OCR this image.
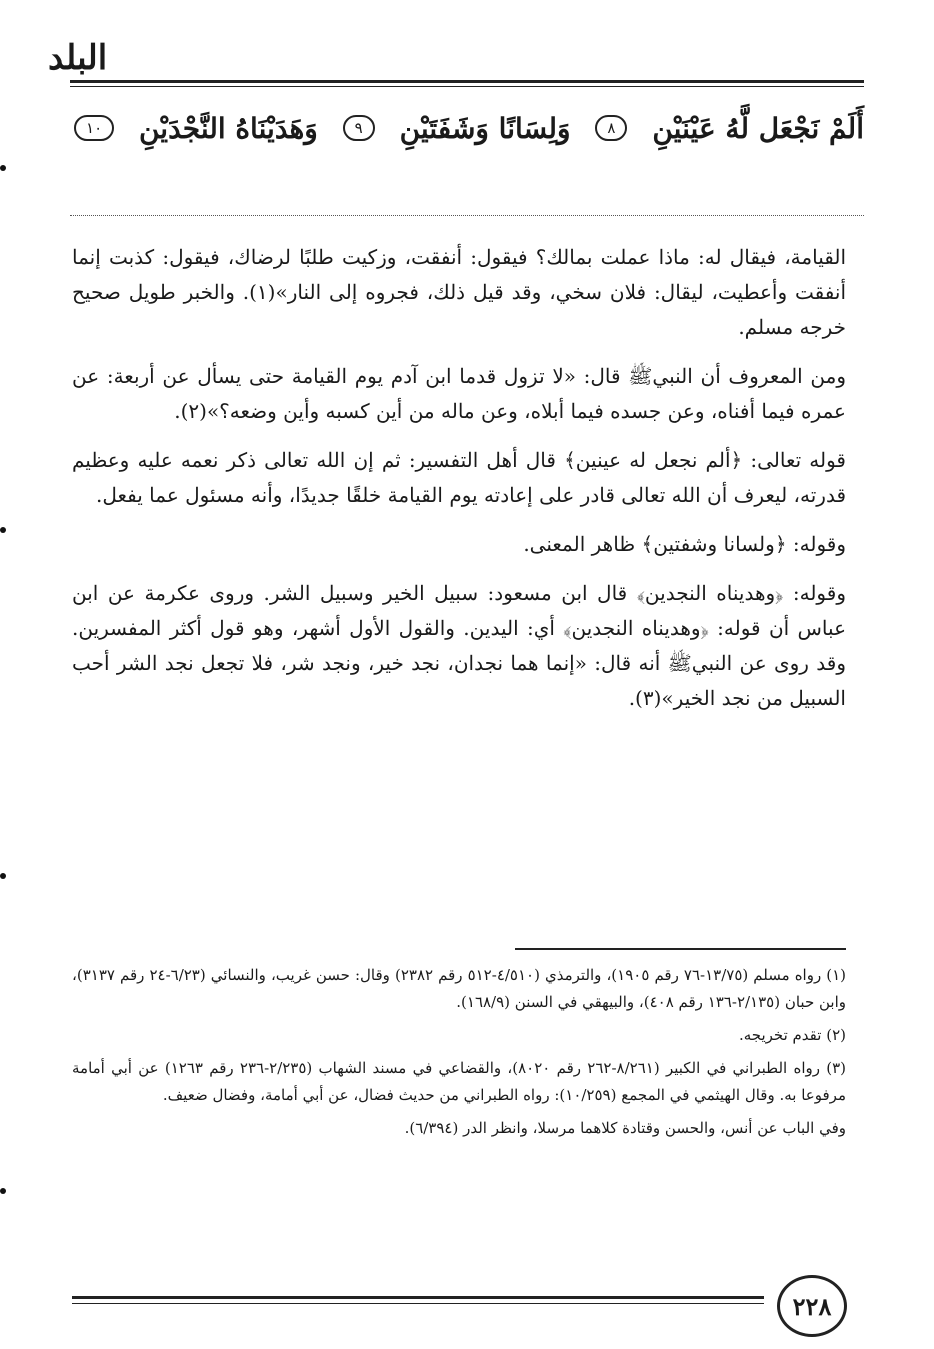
البلد
أَلَمْ نَجْعَل لَّهُ عَيْنَيْنِ
٨
وَلِسَانًا وَشَفَتَيْنِ
٩
وَهَدَيْنَاهُ النَّجْدَيْنِ
١٠

القيامة، فيقال له: ماذا عملت بمالك؟ فيقول: أنفقت، وزكيت طلبًا لرضاك، فيقول: كذبت إنما أنفقت وأعطيت، ليقال: فلان سخي، وقد قيل ذلك، فجروه إلى النار»(١). والخبر طويل صحيح خرجه مسلم.

ومن المعروف أن النبيﷺ قال: «لا تزول قدما ابن آدم يوم القيامة حتى يسأل عن أربعة: عن عمره فيما أفناه، وعن جسده فيما أبلاه، وعن ماله من أين كسبه وأين وضعه؟»(٢).

قوله تعالى: ﴿ألم نجعل له عينين﴾ قال أهل التفسير: ثم إن الله تعالى ذكر نعمه عليه وعظيم قدرته، ليعرف أن الله تعالى قادر على إعادته يوم القيامة خلقًا جديدًا، وأنه مسئول عما يفعل.

وقوله: ﴿ولسانا وشفتين﴾ ظاهر المعنى.

وقوله: ﴿وهديناه النجدين﴾ قال ابن مسعود: سبيل الخير وسبيل الشر. وروى عكرمة عن ابن عباس أن قوله: ﴿وهديناه النجدين﴾ أي: اليدين. والقول الأول أشهر، وهو قول أكثر المفسرين. وقد روى عن النبيﷺ أنه قال: «إنما هما نجدان، نجد خير، ونجد شر، فلا تجعل نجد الشر أحب السبيل من نجد الخير»(٣).

(١) رواه مسلم (١٣/٧٥-٧٦ رقم ١٩٠٥)، والترمذي (٤/٥١٠-٥١٢ رقم ٢٣٨٢) وقال: حسن غريب، والنسائي (٦/٢٣-٢٤ رقم ٣١٣٧)، وابن حبان (٢/١٣٥-١٣٦ رقم ٤٠٨)، والبيهقي في السنن (١٦٨/٩).

(٢) تقدم تخريجه.

(٣) رواه الطبراني في الكبير (٨/٢٦١-٢٦٢ رقم ٨٠٢٠)، والقضاعي في مسند الشهاب (٢/٢٣٥-٢٣٦ رقم ١٢٦٣) عن أبي أمامة مرفوعا به. وقال الهيثمي في المجمع (١٠/٢٥٩): رواه الطبراني من حديث فضال، عن أبي أمامة، وفضال ضعيف.

وفي الباب عن أنس، والحسن وقتادة كلاهما مرسلا، وانظر الدر (٦/٣٩٤).

٢٢٨
